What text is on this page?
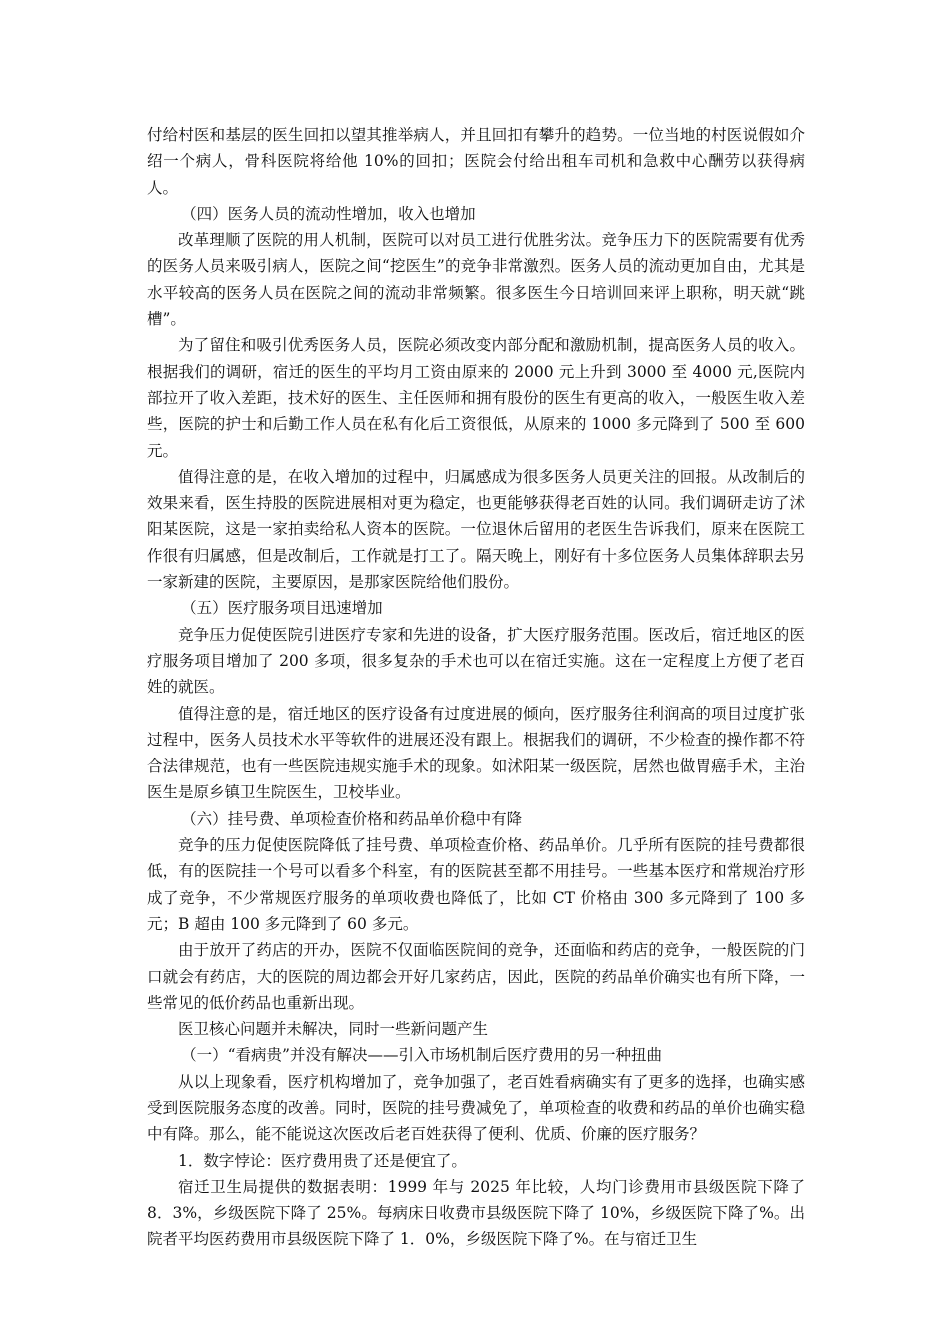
付给村医和基层的医生回扣以望其推举病人，并且回扣有攀升的趋势。一位当地的村医说假如介绍一个病人，骨科医院将给他 10%的回扣；医院会付给出租车司机和急救中心酬劳以获得病人。

（四）医务人员的流动性增加，收入也增加

改革理顺了医院的用人机制，医院可以对员工进行优胜劣汰。竞争压力下的医院需要有优秀的医务人员来吸引病人，医院之间“挖医生”的竞争非常激烈。医务人员的流动更加自由，尤其是水平较高的医务人员在医院之间的流动非常频繁。很多医生今日培训回来评上职称，明天就“跳槽”。

为了留住和吸引优秀医务人员，医院必须改变内部分配和激励机制，提高医务人员的收入。根据我们的调研，宿迁的医生的平均月工资由原来的 2000 元上升到 3000 至 4000 元,医院内部拉开了收入差距，技术好的医生、主任医师和拥有股份的医生有更高的收入，一般医生收入差些，医院的护士和后勤工作人员在私有化后工资很低，从原来的 1000 多元降到了 500 至 600 元。

值得注意的是，在收入增加的过程中，归属感成为很多医务人员更关注的回报。从改制后的效果来看，医生持股的医院进展相对更为稳定，也更能够获得老百姓的认同。我们调研走访了沭阳某医院，这是一家拍卖给私人资本的医院。一位退休后留用的老医生告诉我们，原来在医院工作很有归属感，但是改制后，工作就是打工了。隔天晚上，刚好有十多位医务人员集体辞职去另一家新建的医院，主要原因，是那家医院给他们股份。

（五）医疗服务项目迅速增加

竞争压力促使医院引进医疗专家和先进的设备，扩大医疗服务范围。医改后，宿迁地区的医疗服务项目增加了 200 多项，很多复杂的手术也可以在宿迁实施。这在一定程度上方便了老百姓的就医。

值得注意的是，宿迁地区的医疗设备有过度进展的倾向，医疗服务往利润高的项目过度扩张过程中，医务人员技术水平等软件的进展还没有跟上。根据我们的调研，不少检查的操作都不符合法律规范，也有一些医院违规实施手术的现象。如沭阳某一级医院，居然也做胃癌手术，主治医生是原乡镇卫生院医生，卫校毕业。

（六）挂号费、单项检查价格和药品单价稳中有降

竞争的压力促使医院降低了挂号费、单项检查价格、药品单价。几乎所有医院的挂号费都很低，有的医院挂一个号可以看多个科室，有的医院甚至都不用挂号。一些基本医疗和常规治疗形成了竞争，不少常规医疗服务的单项收费也降低了，比如 CT 价格由 300 多元降到了 100 多元；B 超由 100 多元降到了 60 多元。

由于放开了药店的开办，医院不仅面临医院间的竞争，还面临和药店的竞争，一般医院的门口就会有药店，大的医院的周边都会开好几家药店，因此，医院的药品单价确实也有所下降，一些常见的低价药品也重新出现。

医卫核心问题并未解决，同时一些新问题产生

（一）“看病贵”并没有解决——引入市场机制后医疗费用的另一种扭曲

从以上现象看，医疗机构增加了，竞争加强了，老百姓看病确实有了更多的选择，也确实感受到医院服务态度的改善。同时，医院的挂号费减免了，单项检查的收费和药品的单价也确实稳中有降。那么，能不能说这次医改后老百姓获得了便利、优质、价廉的医疗服务？

1．数字悖论：医疗费用贵了还是便宜了。

宿迁卫生局提供的数据表明：1999 年与 2025 年比较，人均门诊费用市县级医院下降了 8．3%，乡级医院下降了 25%。每病床日收费市县级医院下降了 10%，乡级医院下降了%。出院者平均医药费用市县级医院下降了 1．0%，乡级医院下降了%。在与宿迁卫生
